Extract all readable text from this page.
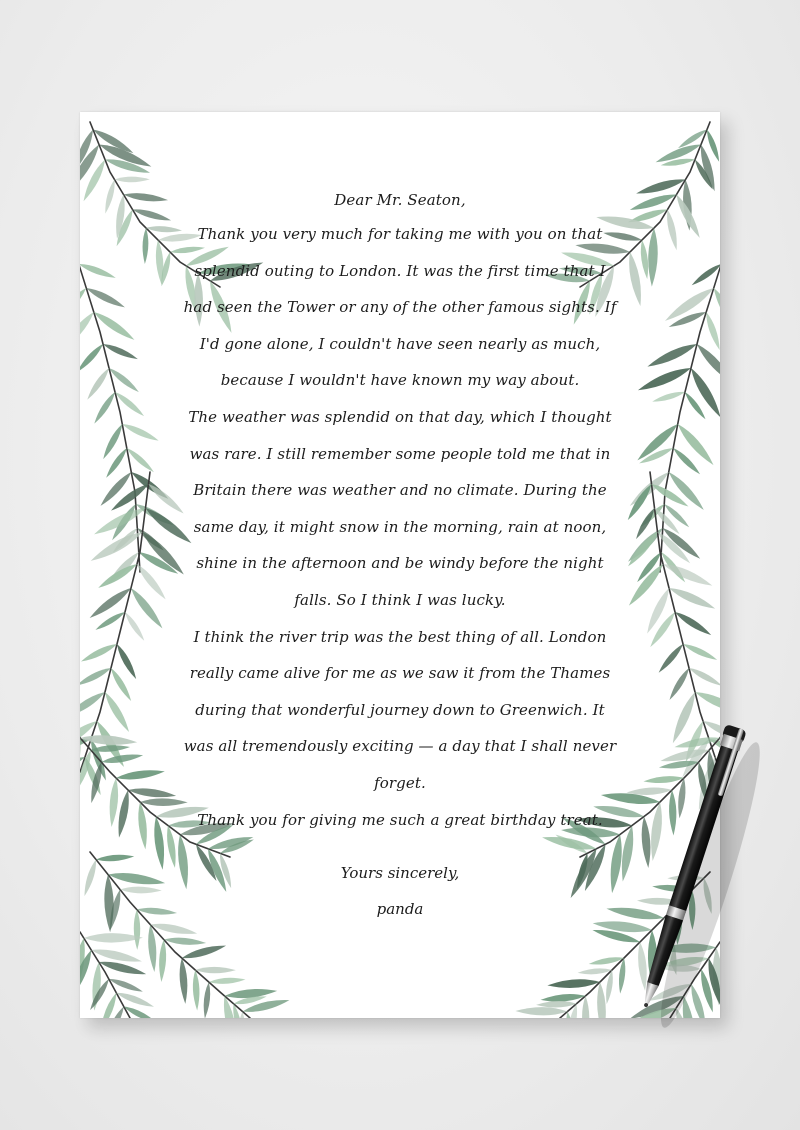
Dear Mr. Seaton,
Thank you very much for taking me with you on that
splendid outing to London. It was the first time that I
had seen the Tower or any of the other famous sights. If
I'd gone alone, I couldn't have seen nearly as much,
because I wouldn't have known my way about.
The weather was splendid on that day, which I thought
was rare. I still remember some people told me that in
Britain there was weather and no climate. During the
same day, it might snow in the morning, rain at noon,
shine in the afternoon and be windy before the night
falls. So I think I was lucky.
I think the river trip was the best thing of all. London
really came alive for me as we saw it from the Thames
during that wonderful journey down to Greenwich. It
was all tremendously exciting — a day that I shall never
forget.
Thank you for giving me such a great birthday treat.
Yours sincerely,
panda
